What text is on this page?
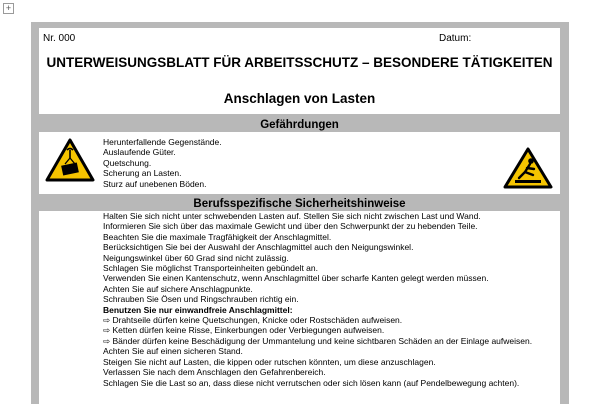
+
Nr. 000	Datum:
UNTERWEISUNGSBLATT FÜR ARBEITSSCHUTZ – BESONDERE TÄTIGKEITEN
Anschlagen von Lasten
Gefährdungen
Herunterfallende Gegenstände.
Auslaufende Güter.
Quetschung.
Scherung an Lasten.
Sturz auf unebenen Böden.
Berufsspezifische Sicherheitshinweise
Halten Sie sich nicht unter schwebenden Lasten auf. Stellen Sie sich nicht zwischen Last und Wand.
Informieren Sie sich über das maximale Gewicht und über den Schwerpunkt der zu hebenden Teile.
Beachten Sie die maximale Tragfähigkeit der Anschlagmittel.
Berücksichtigen Sie bei der Auswahl der Anschlagmittel auch den Neigungswinkel.
Neigungswinkel über 60 Grad sind nicht zulässig.
Schlagen Sie möglichst Transporteinheiten gebündelt an.
Verwenden Sie einen Kantenschutz, wenn Anschlagmittel über scharfe Kanten gelegt werden müssen.
Achten Sie auf sichere Anschlagpunkte.
Schrauben Sie Ösen und Ringschrauben richtig ein.
Benutzen Sie nur einwandfreie Anschlagmittel:
⇨ Drahtseile dürfen keine Quetschungen, Knicke oder Rostschäden aufweisen.
⇨ Ketten dürfen keine Risse, Einkerbungen oder Verbiegungen aufweisen.
⇨ Bänder dürfen keine Beschädigung der Ummantelung und keine sichtbaren Schäden an der Einlage aufweisen.
Achten Sie auf einen sicheren Stand.
Steigen Sie nicht auf Lasten, die kippen oder rutschen könnten, um diese anzuschlagen.
Verlassen Sie nach dem Anschlagen den Gefahrenbereich.
Schlagen Sie die Last so an, dass diese nicht verrutschen oder sich lösen kann (auf Pendelbewegung achten).
